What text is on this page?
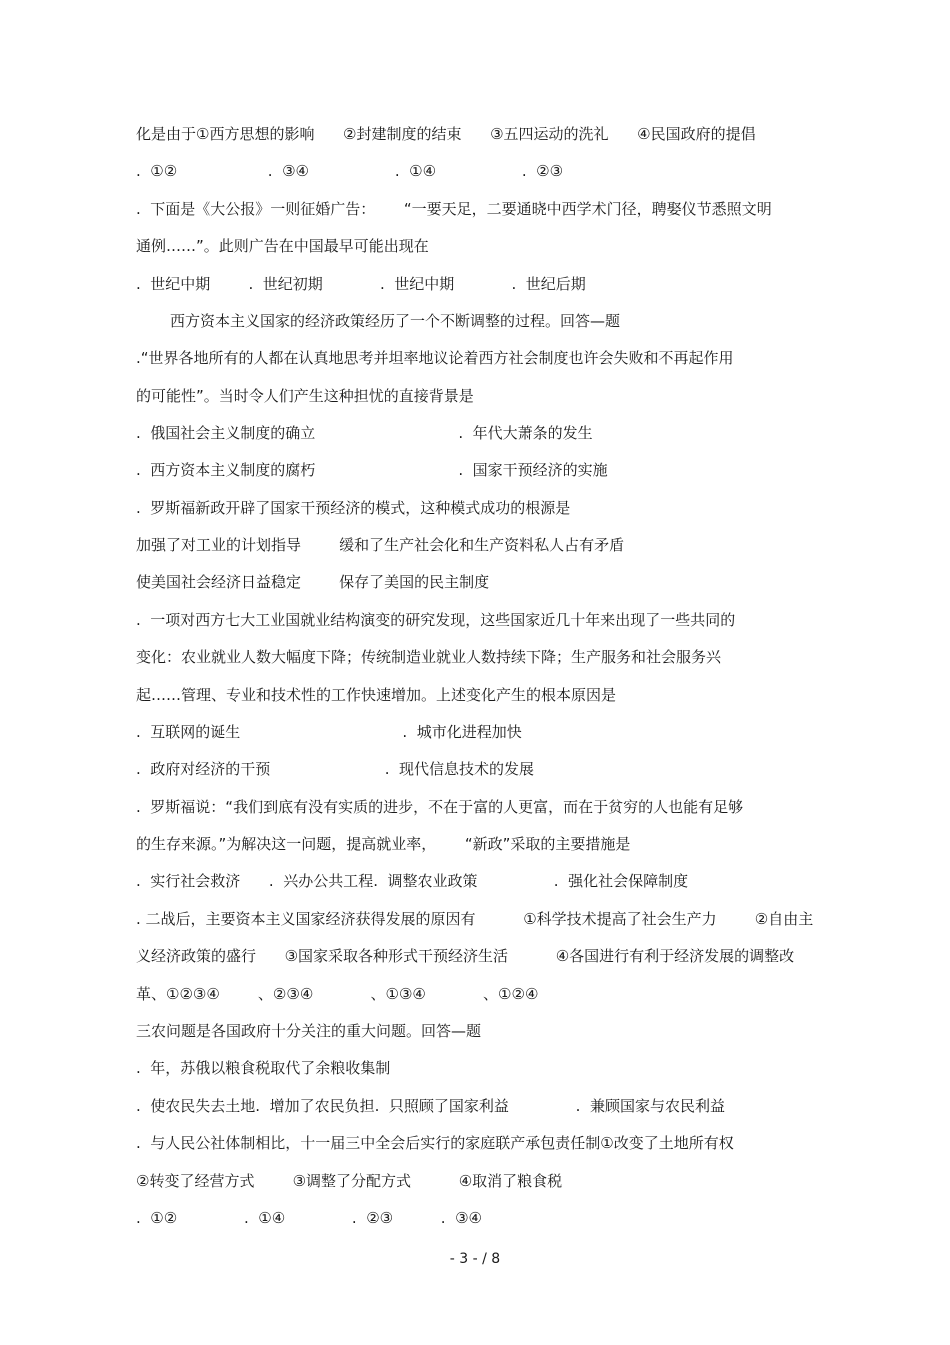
化是由于①西方思想的影响      ②封建制度的结束      ③五四运动的洗礼      ④民国政府的提倡
.  ①②                   .  ③④                  .  ①④                  .  ②③
.  下面是《大公报》一则征婚广告：      “一要天足，二要通晓中西学术门径，聘娶仪节悉照文明
通例……”。此则广告在中国最早可能出现在
.  世纪中期        .  世纪初期            .  世纪中期            .  世纪后期
西方资本主义国家的经济政策经历了一个不断调整的过程。回答—题
.“世界各地所有的人都在认真地思考并坦率地议论着西方社会制度也许会失败和不再起作用
的可能性”。当时令人们产生这种担忧的直接背景是
.  俄国社会主义制度的确立                              .  年代大萧条的发生
.  西方资本主义制度的腐朽                              .  国家干预经济的实施
.  罗斯福新政开辟了国家干预经济的模式，这种模式成功的根源是
加强了对工业的计划指导        缓和了生产社会化和生产资料私人占有矛盾
使美国社会经济日益稳定        保存了美国的民主制度
.  一项对西方七大工业国就业结构演变的研究发现，这些国家近几十年来出现了一些共同的
变化：农业就业人数大幅度下降；传统制造业就业人数持续下降；生产服务和社会服务兴
起……管理、专业和技术性的工作快速增加。上述变化产生的根本原因是
.  互联网的诞生                                  .  城市化进程加快
.  政府对经济的干预                        .  现代信息技术的发展
.  罗斯福说：“我们到底有没有实质的进步，不在于富的人更富，而在于贫穷的人也能有足够
的生存来源。”为解决这一问题，提高就业率，      “新政”采取的主要措施是
.  实行社会救济      .  兴办公共工程.  调整农业政策                .  强化社会保障制度
. 二战后，主要资本主义国家经济获得发展的原因有          ①科学技术提高了社会生产力        ②自由主
义经济政策的盛行      ③国家采取各种形式干预经济生活          ④各国进行有利于经济发展的调整改
革、①②③④        、②③④            、①③④            、①②④
三农问题是各国政府十分关注的重大问题。回答—题
.  年，苏俄以粮食税取代了余粮收集制
.  使农民失去土地.  增加了农民负担.  只照顾了国家利益              .  兼顾国家与农民利益
.  与人民公社体制相比，十一届三中全会后实行的家庭联产承包责任制①改变了土地所有权
②转变了经营方式        ③调整了分配方式          ④取消了粮食税
.  ①②              .  ①④              .  ②③          .  ③④
- 3 - / 8
